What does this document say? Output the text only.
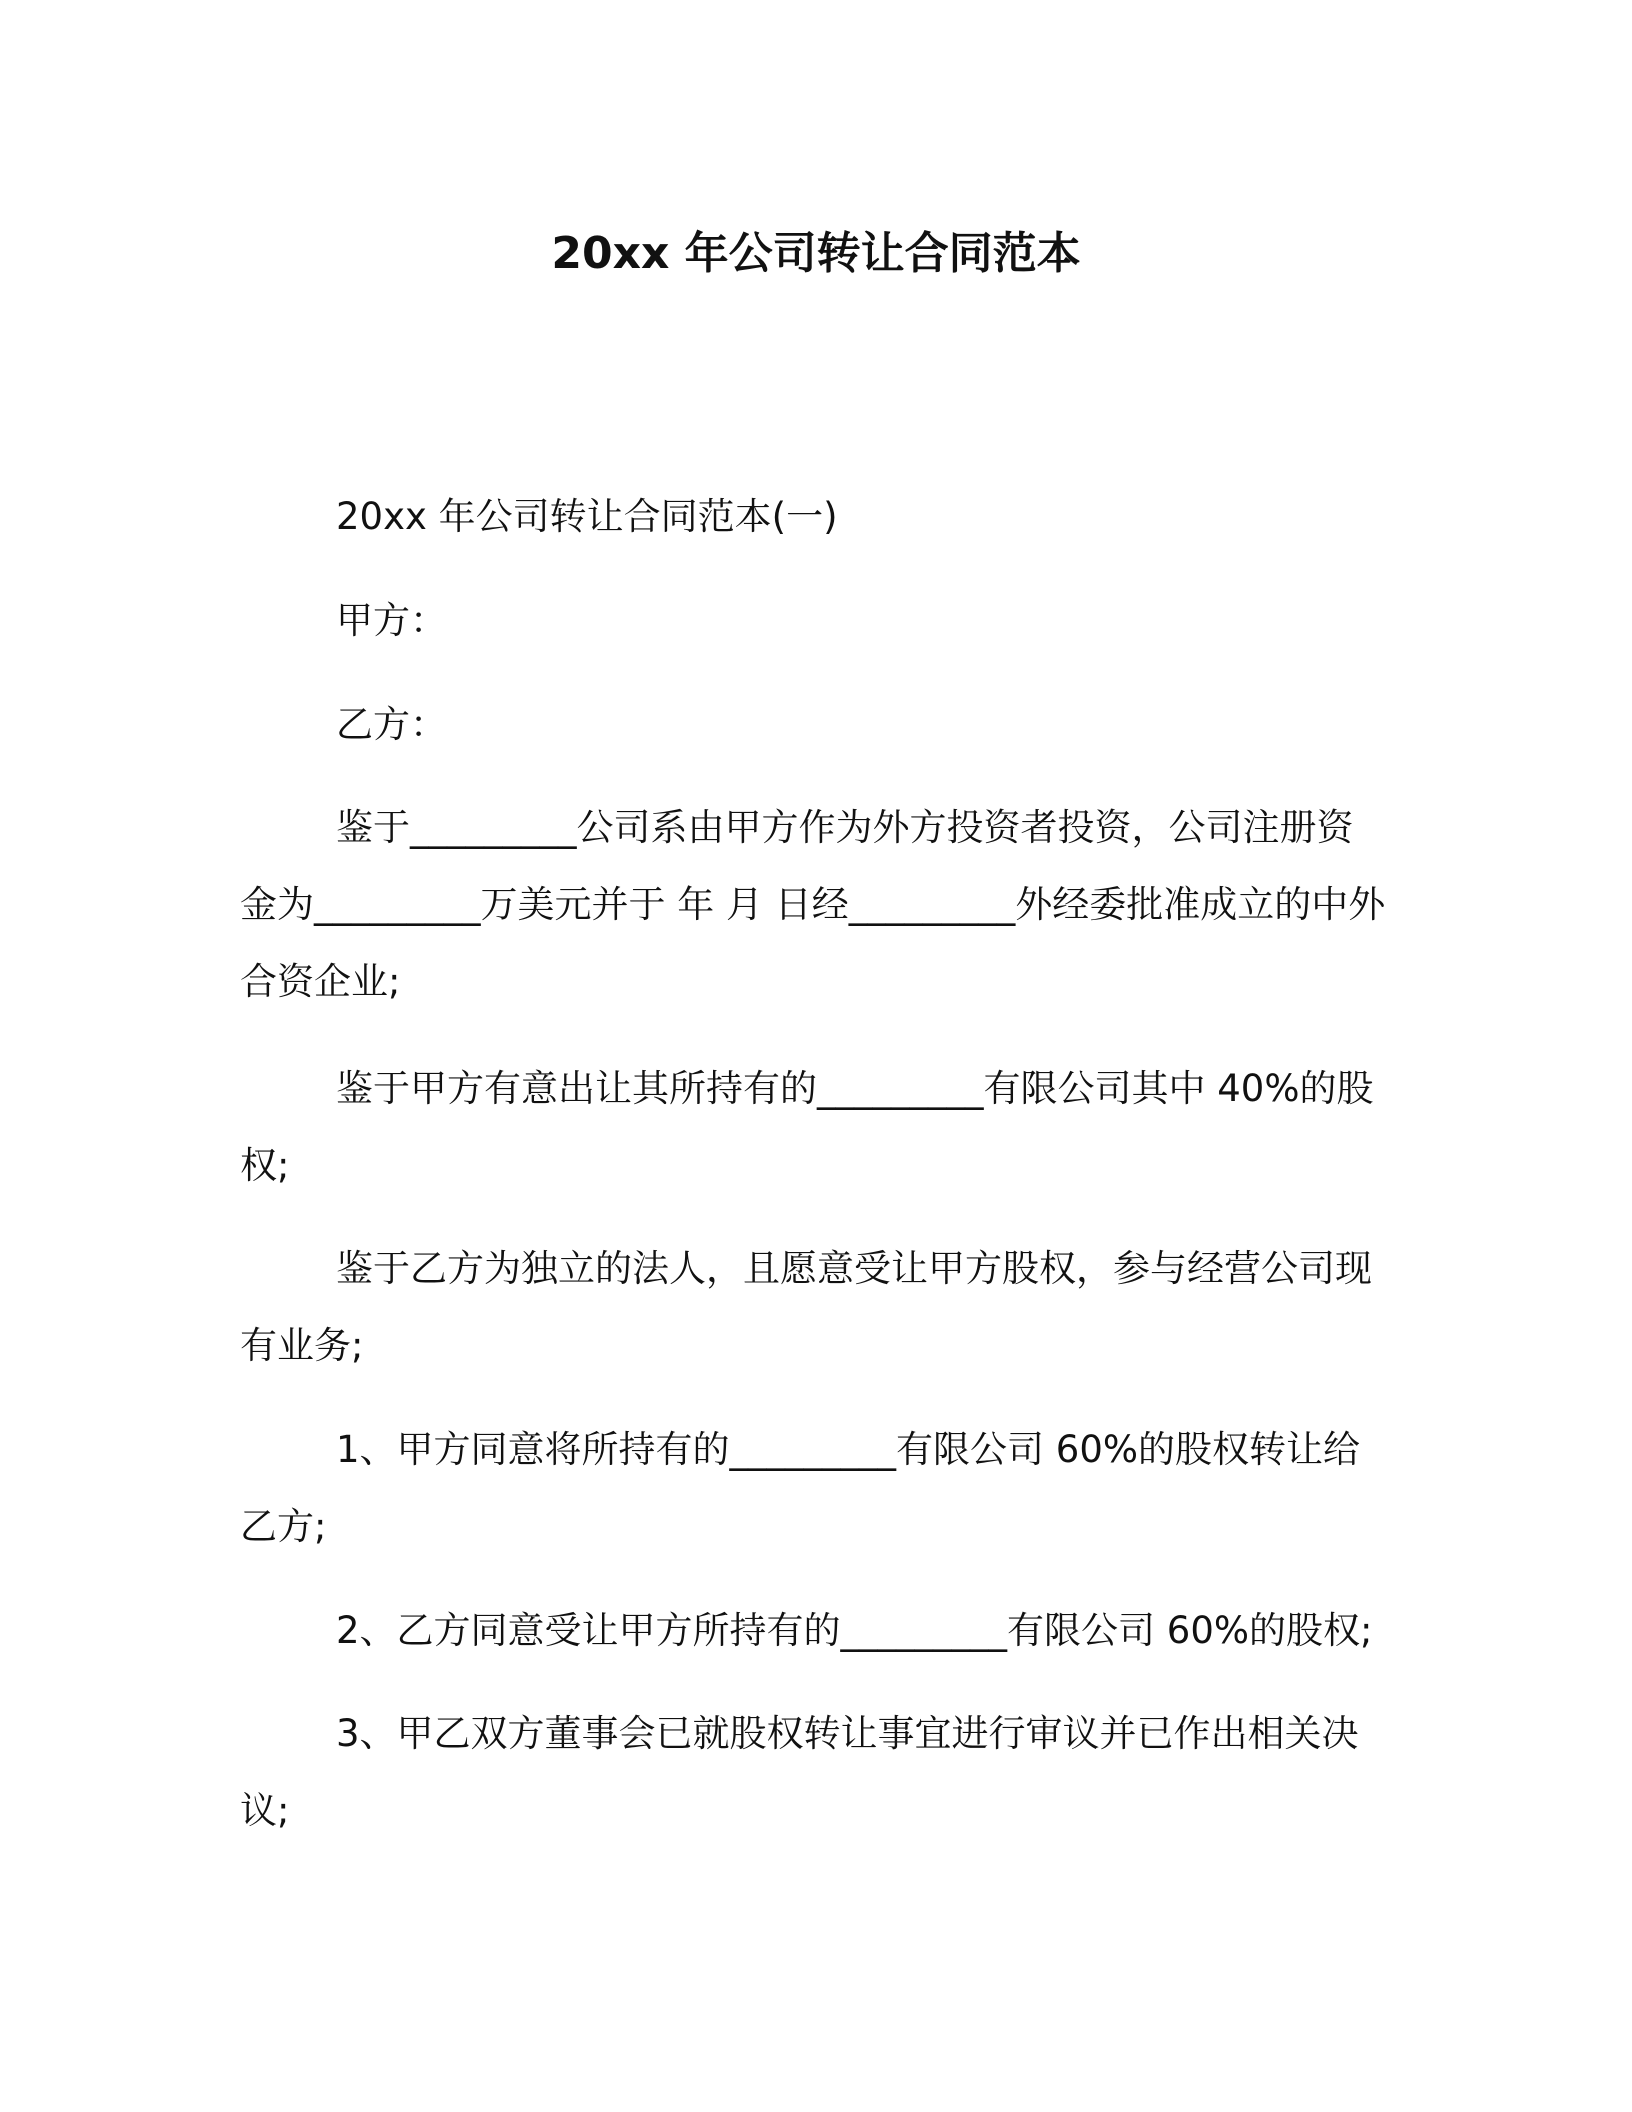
20xx 年公司转让合同范本

20xx 年公司转让合同范本(一)

甲方：

乙方：

鉴于_________公司系由甲方作为外方投资者投资，公司注册资金为_________万美元并于 年 月 日经_________外经委批准成立的中外合资企业;

鉴于甲方有意出让其所持有的_________有限公司其中 40%的股权;

鉴于乙方为独立的法人，且愿意受让甲方股权，参与经营公司现有业务;

1、甲方同意将所持有的_________有限公司 60%的股权转让给乙方;

2、乙方同意受让甲方所持有的_________有限公司 60%的股权;

3、甲乙双方董事会已就股权转让事宜进行审议并已作出相关决议;
